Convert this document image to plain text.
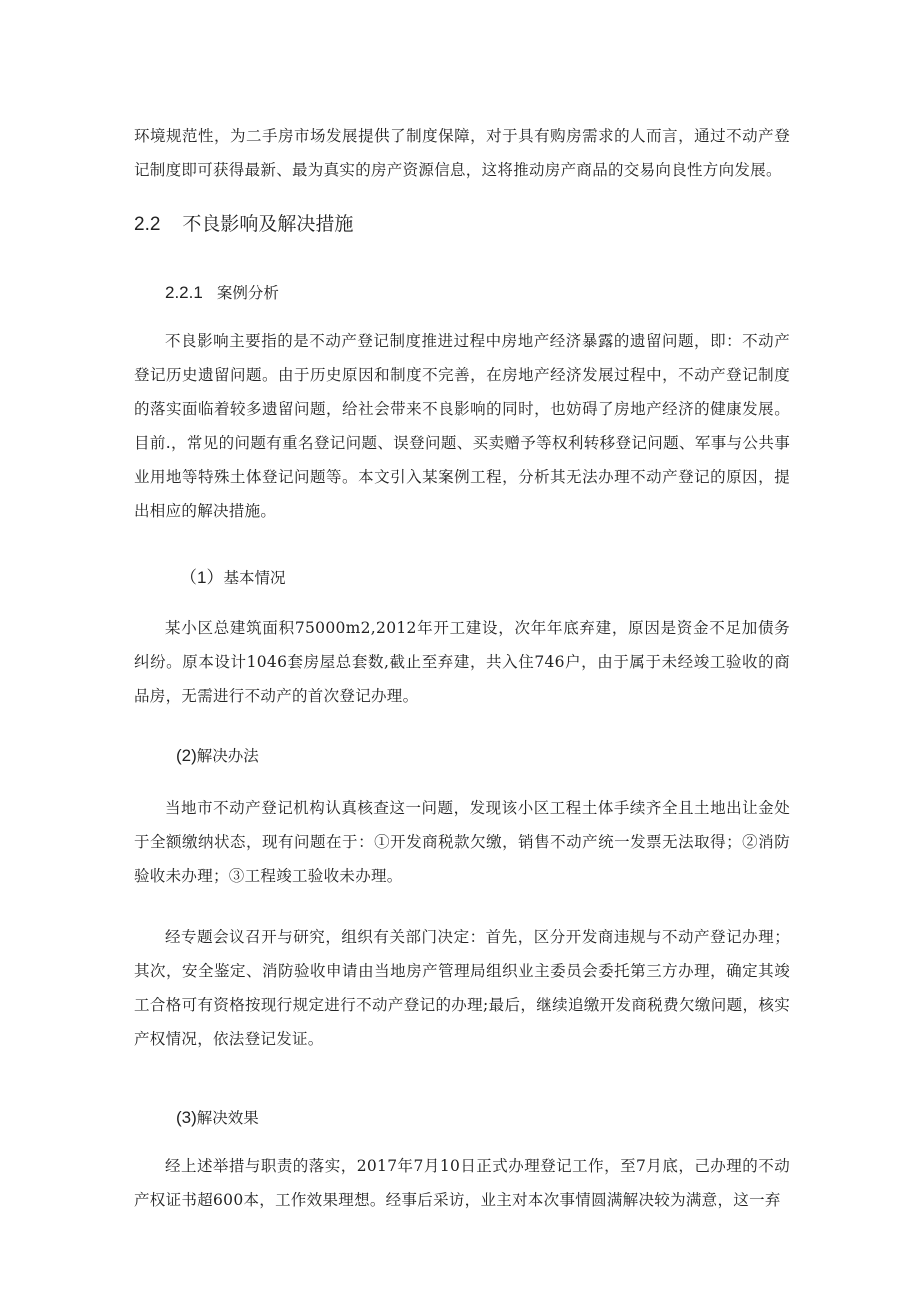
环境规范性，为二手房市场发展提供了制度保障，对于具有购房需求的人而言，通过不动产登记制度即可获得最新、最为真实的房产资源信息，这将推动房产商品的交易向良性方向发展。

2.2 不良影响及解决措施
2.2.1 案例分析

不良影响主要指的是不动产登记制度推进过程中房地产经济暴露的遗留问题，即：不动产登记历史遗留问题。由于历史原因和制度不完善，在房地产经济发展过程中，不动产登记制度的落实面临着较多遗留问题，给社会带来不良影响的同时，也妨碍了房地产经济的健康发展。目前.，常见的问题有重名登记问题、误登问题、买卖赠予等权利转移登记问题、军事与公共事业用地等特殊土体登记问题等。本文引入某案例工程，分析其无法办理不动产登记的原因，提出相应的解决措施。

（1）基本情况

某小区总建筑面积75000m2,2012年开工建设，次年年底弃建，原因是资金不足加债务纠纷。原本设计1046套房屋总套数,截止至弃建，共入住746户，由于属于未经竣工验收的商品房，无需进行不动产的首次登记办理。

(2)解决办法

当地市不动产登记机构认真核查这一问题，发现该小区工程土体手续齐全且土地出让金处于全额缴纳状态，现有问题在于：①开发商税款欠缴，销售不动产统一发票无法取得；②消防验收未办理；③工程竣工验收未办理。

经专题会议召开与研究，组织有关部门决定：首先，区分开发商违规与不动产登记办理；其次，安全鉴定、消防验收申请由当地房产管理局组织业主委员会委托第三方办理，确定其竣工合格可有资格按现行规定进行不动产登记的办理;最后，继续追缴开发商税费欠缴问题，核实产权情况，依法登记发证。

(3)解决效果

经上述举措与职责的落实，2017年7月10日正式办理登记工作，至7月底，己办理的不动产权证书超600本，工作效果理想。经事后采访，业主对本次事情圆满解决较为满意，这一弃
